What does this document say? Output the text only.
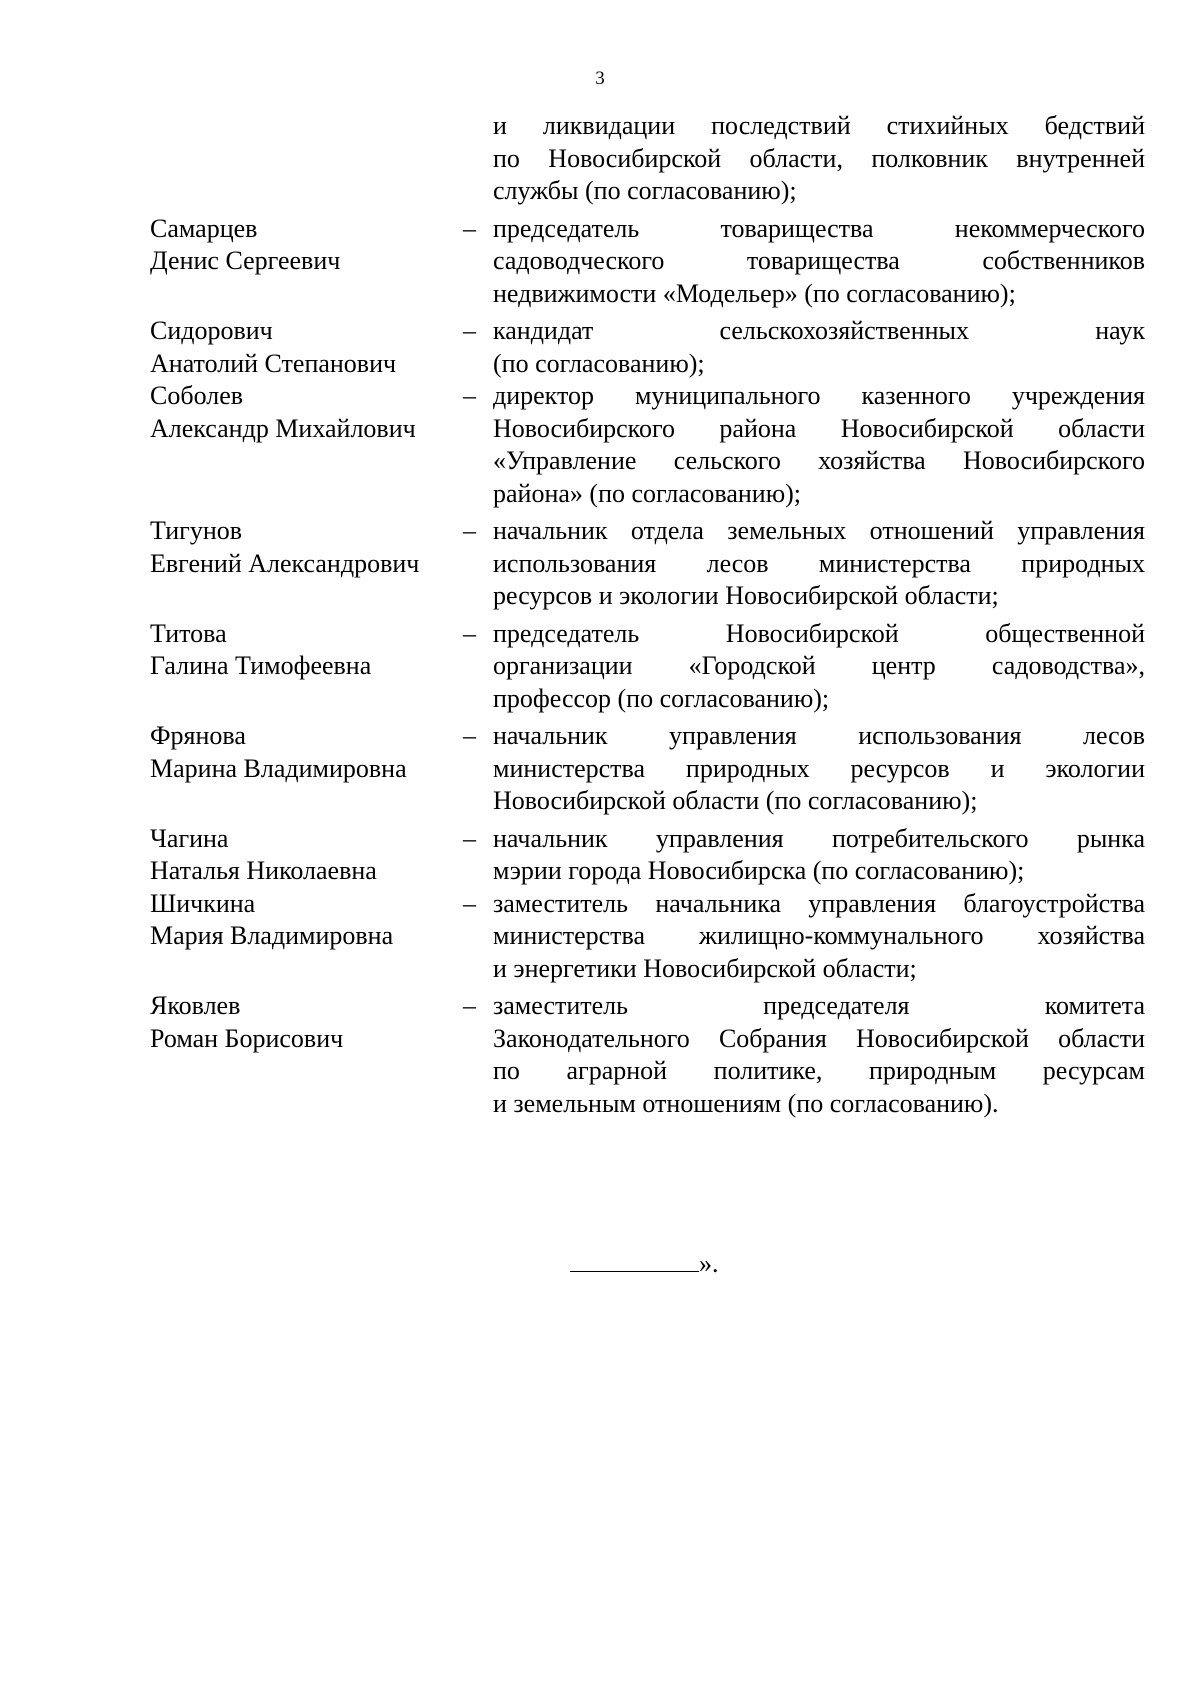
3
и ликвидации последствий стихийных бедствий
по Новосибирской области, полковник внутренней
службы (по согласованию);
Самарцев
Денис Сергеевич
– председатель товарищества некоммерческого
садоводческого товарищества собственников
недвижимости «Модельер» (по согласованию);
Сидорович
Анатолий Степанович
– кандидат сельскохозяйственных наук
(по согласованию);
Соболев
Александр Михайлович
– директор муниципального казенного учреждения
Новосибирского района Новосибирской области
«Управление сельского хозяйства Новосибирского
района» (по согласованию);
Тигунов
Евгений Александрович
– начальник отдела земельных отношений управления
использования лесов министерства природных
ресурсов и экологии Новосибирской области;
Титова
Галина Тимофеевна
– председатель Новосибирской общественной
организации «Городской центр садоводства»,
профессор (по согласованию);
Фрянова
Марина Владимировна
– начальник управления использования лесов
министерства природных ресурсов и экологии
Новосибирской области (по согласованию);
Чагина
Наталья Николаевна
– начальник управления потребительского рынка
мэрии города Новосибирска (по согласованию);
Шичкина
Мария Владимировна
– заместитель начальника управления благоустройства
министерства жилищно-коммунального хозяйства
и энергетики Новосибирской области;
Яковлев
Роман Борисович
– заместитель председателя комитета
Законодательного Собрания Новосибирской области
по аграрной политике, природным ресурсам
и земельным отношениям (по согласованию).
».
